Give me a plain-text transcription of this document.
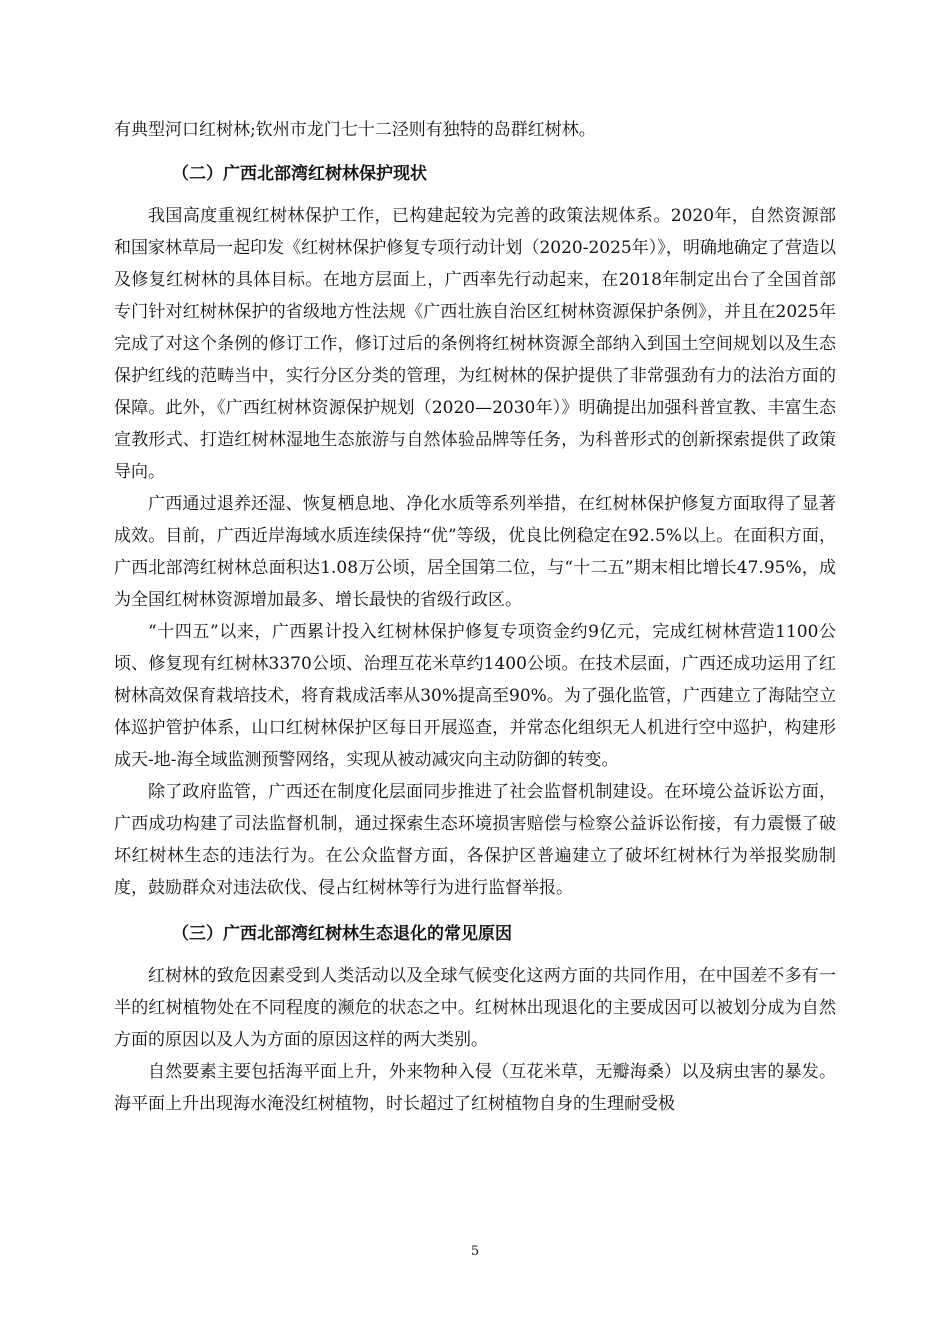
有典型河口红树林;钦州市龙门七十二泾则有独特的岛群红树林。

（二）广西北部湾红树林保护现状

我国高度重视红树林保护工作，已构建起较为完善的政策法规体系。2020年，自然资源部和国家林草局一起印发《红树林保护修复专项行动计划（2020-2025年）》，明确地确定了营造以及修复红树林的具体目标。在地方层面上，广西率先行动起来，在2018年制定出台了全国首部专门针对红树林保护的省级地方性法规《广西壮族自治区红树林资源保护条例》，并且在2025年完成了对这个条例的修订工作，修订过后的条例将红树林资源全部纳入到国土空间规划以及生态保护红线的范畴当中，实行分区分类的管理，为红树林的保护提供了非常强劲有力的法治方面的保障。此外，《广西红树林资源保护规划（2020—2030年）》明确提出加强科普宣教、丰富生态宣教形式、打造红树林湿地生态旅游与自然体验品牌等任务，为科普形式的创新探索提供了政策导向。

广西通过退养还湿、恢复栖息地、净化水质等系列举措，在红树林保护修复方面取得了显著成效。目前，广西近岸海域水质连续保持“优”等级，优良比例稳定在92.5%以上。在面积方面，广西北部湾红树林总面积达1.08万公顷，居全国第二位，与“十二五”期末相比增长47.95%，成为全国红树林资源增加最多、增长最快的省级行政区。

“十四五”以来，广西累计投入红树林保护修复专项资金约9亿元，完成红树林营造1100公顷、修复现有红树林3370公顷、治理互花米草约1400公顷。在技术层面，广西还成功运用了红树林高效保育栽培技术，将育栽成活率从30%提高至90%。为了强化监管，广西建立了海陆空立体巡护管护体系，山口红树林保护区每日开展巡查，并常态化组织无人机进行空中巡护，构建形成天-地-海全域监测预警网络，实现从被动减灾向主动防御的转变。

除了政府监管，广西还在制度化层面同步推进了社会监督机制建设。在环境公益诉讼方面，广西成功构建了司法监督机制，通过探索生态环境损害赔偿与检察公益诉讼衔接，有力震慑了破坏红树林生态的违法行为。在公众监督方面，各保护区普遍建立了破坏红树林行为举报奖励制度，鼓励群众对违法砍伐、侵占红树林等行为进行监督举报。

（三）广西北部湾红树林生态退化的常见原因

红树林的致危因素受到人类活动以及全球气候变化这两方面的共同作用，在中国差不多有一半的红树植物处在不同程度的濒危的状态之中。红树林出现退化的主要成因可以被划分成为自然方面的原因以及人为方面的原因这样的两大类别。

自然要素主要包括海平面上升，外来物种入侵（互花米草，无瓣海桑）以及病虫害的暴发。海平面上升出现海水淹没红树植物，时长超过了红树植物自身的生理耐受极

5
